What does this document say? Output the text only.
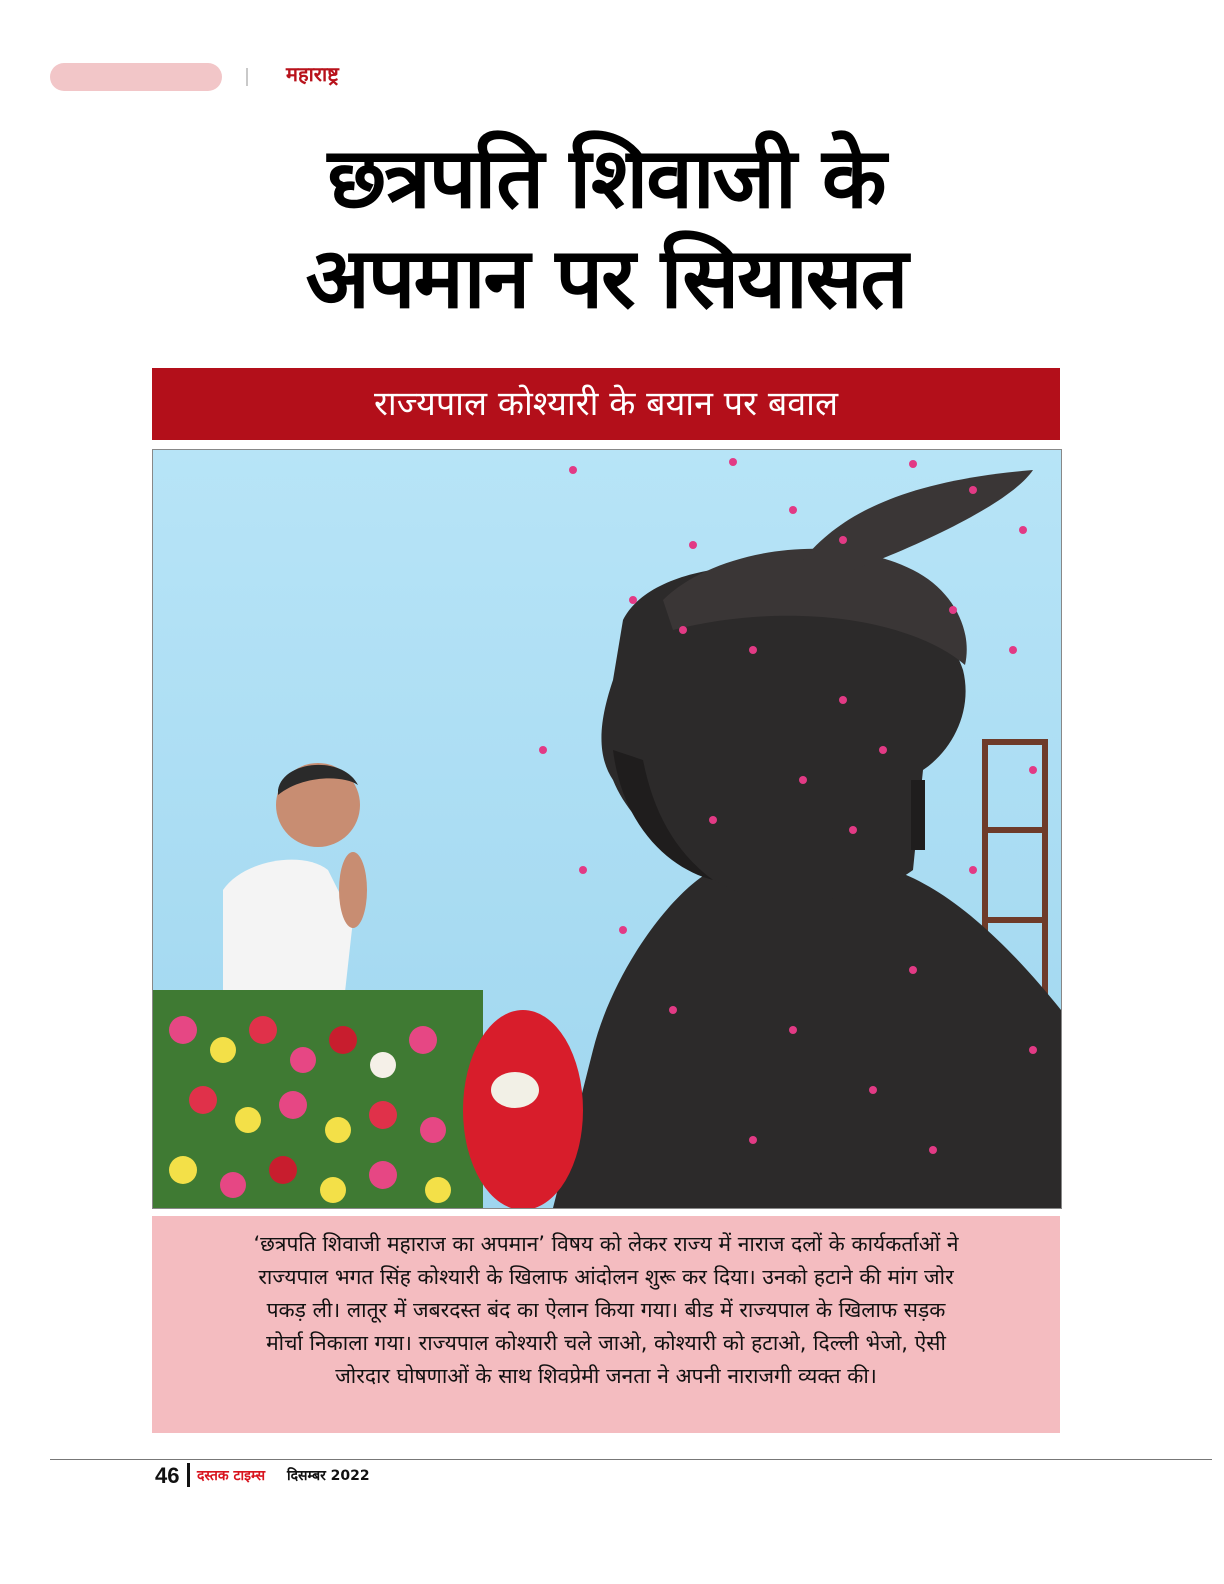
महाराष्ट्र
छत्रपति शिवाजी के
अपमान पर सियासत
राज्यपाल कोश्यारी के बयान पर बवाल
‘छत्रपति शिवाजी महाराज का अपमान’ विषय को लेकर राज्य में नाराज दलों के कार्यकर्ताओं ने
राज्यपाल भगत सिंह कोश्यारी के खिलाफ आंदोलन शुरू कर दिया। उनको हटाने की मांग जोर
पकड़ ली। लातूर में जबरदस्त बंद का ऐलान किया गया। बीड में राज्यपाल के खिलाफ सड़क
मोर्चा निकाला गया। राज्यपाल कोश्यारी चले जाओ, कोश्यारी को हटाओ, दिल्ली भेजो, ऐसी
जोरदार घोषणाओं के साथ शिवप्रेमी जनता ने अपनी नाराजगी व्यक्त की।
46 दस्तक टाइम्स दिसम्बर 2022
